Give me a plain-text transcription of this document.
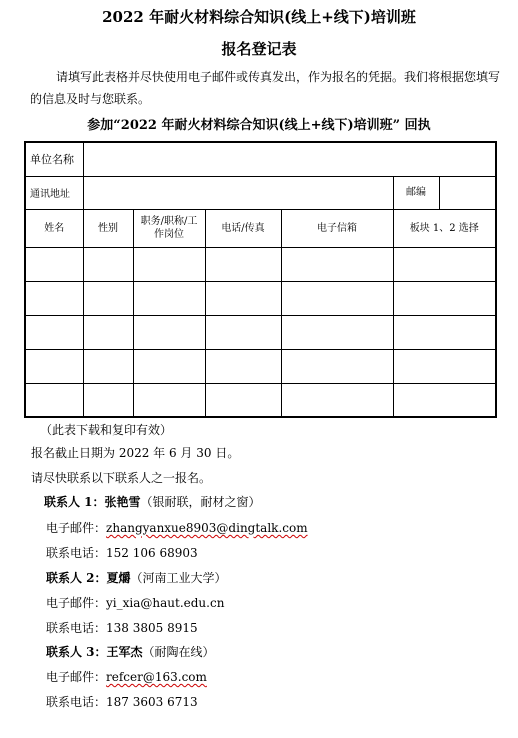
2022 年耐火材料综合知识(线上+线下)培训班
报名登记表
请填写此表格并尽快使用电子邮件或传真发出，作为报名的凭据。我们将根据您填写的信息及时与您联系。
参加“2022 年耐火材料综合知识(线上+线下)培训班” 回执
单位名称						
通讯地址					邮编	
姓名	性别	职务/职称/工作岗位	电话/传真	电子信箱	板块 1、2 选择	

（此表下载和复印有效）
报名截止日期为 2022 年 6 月 30 日。
请尽快联系以下联系人之一报名。
联系人 1：张艳雪（银耐联，耐材之窗）
电子邮件：zhangyanxue8903@dingtalk.com
联系电话：152 106 68903
联系人 2：夏爝（河南工业大学）
电子邮件：yi_xia@haut.edu.cn
联系电话：138 3805 8915
联系人 3：王军杰（耐陶在线）
电子邮件：refcer@163.com
联系电话：187 3603 6713
